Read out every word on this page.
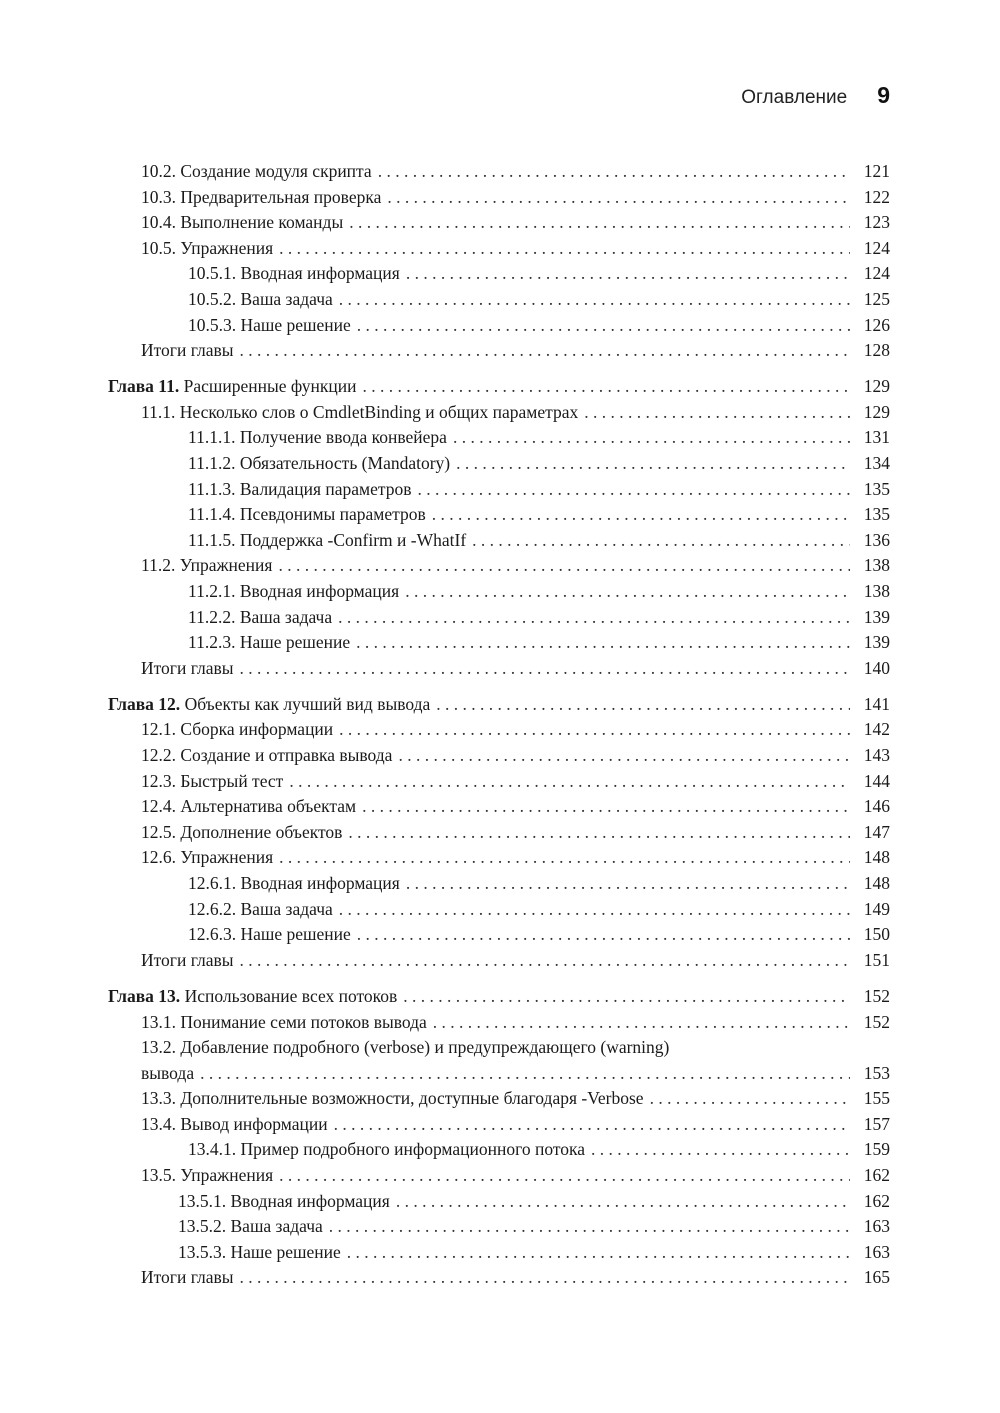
Оглавление 9
10.2. Создание модуля скрипта . . .	121
10.3. Предварительная проверка . . .	122
10.4. Выполнение команды . . .	123
10.5. Упражнения . . .	124
10.5.1. Вводная информация . . .	124
10.5.2. Ваша задача . . .	125
10.5.3. Наше решение . . .	126
Итоги главы . . .	128
Глава 11. Расширенные функции . . .	129
11.1. Несколько слов о CmdletBinding и общих параметрах . . .	129
11.1.1. Получение ввода конвейера . . .	131
11.1.2. Обязательность (Mandatory) . . .	134
11.1.3. Валидация параметров . . .	135
11.1.4. Псевдонимы параметров . . .	135
11.1.5. Поддержка -Confirm и -WhatIf . . .	136
11.2. Упражнения . . .	138
11.2.1. Вводная информация . . .	138
11.2.2. Ваша задача . . .	139
11.2.3. Наше решение . . .	139
Итоги главы . . .	140
Глава 12. Объекты как лучший вид вывода . . .	141
12.1. Сборка информации . . .	142
12.2. Создание и отправка вывода . . .	143
12.3. Быстрый тест . . .	144
12.4. Альтернатива объектам . . .	146
12.5. Дополнение объектов . . .	147
12.6. Упражнения . . .	148
12.6.1. Вводная информация . . .	148
12.6.2. Ваша задача . . .	149
12.6.3. Наше решение . . .	150
Итоги главы . . .	151
Глава 13. Использование всех потоков . . .	152
13.1. Понимание семи потоков вывода . . .	152
13.2. Добавление подробного (verbose) и предупреждающего (warning)
вывода . . .	153
13.3. Дополнительные возможности, доступные благодаря -Verbose . . .	155
13.4. Вывод информации . . .	157
13.4.1. Пример подробного информационного потока . . .	159
13.5. Упражнения . . .	162
13.5.1. Вводная информация . . .	162
13.5.2. Ваша задача . . .	163
13.5.3. Наше решение . . .	163
Итоги главы . . .	165
